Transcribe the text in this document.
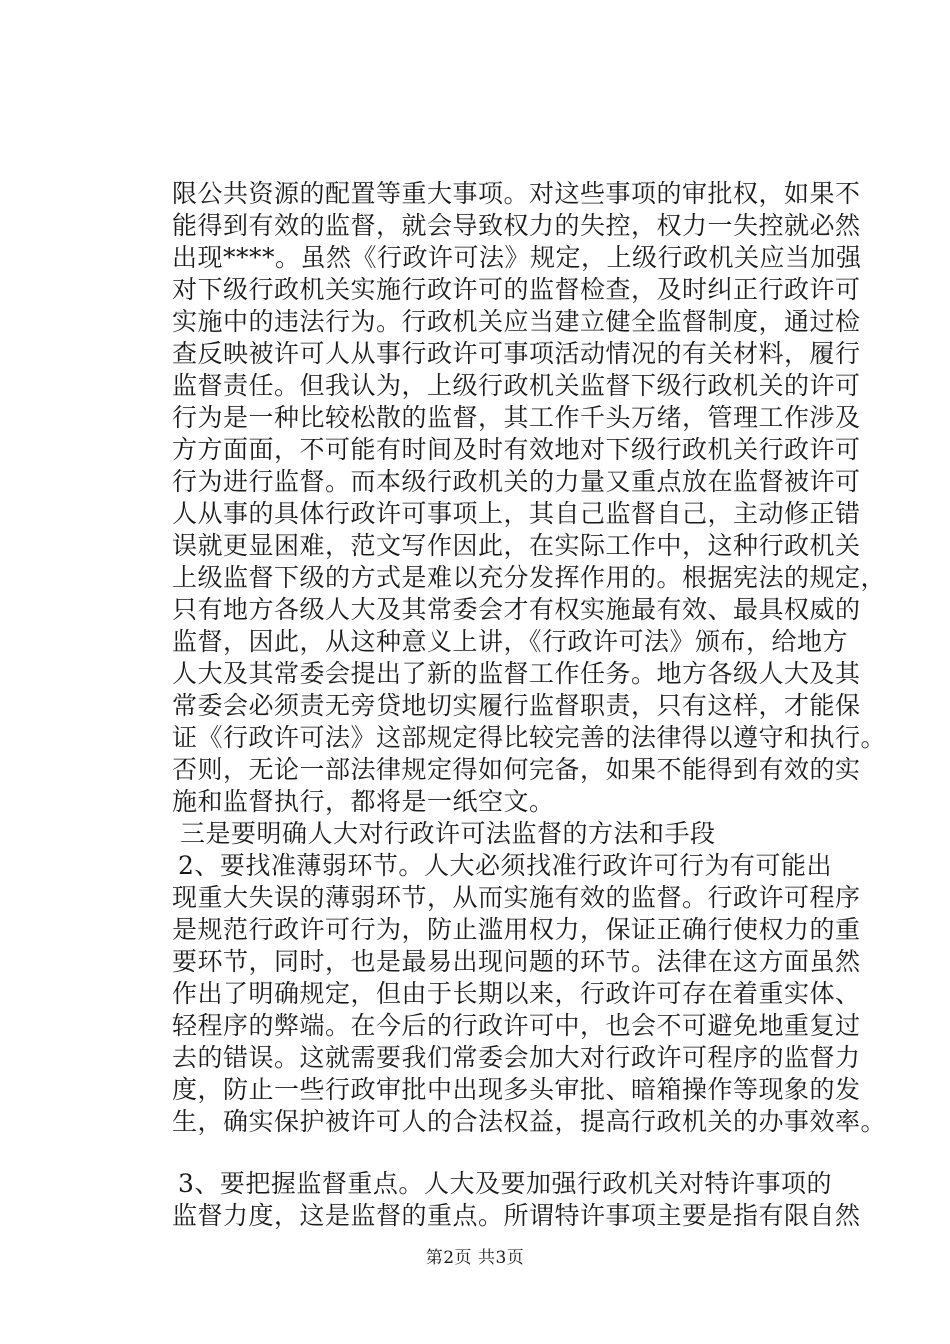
限公共资源的配置等重大事项。对这些事项的审批权，如果不
能得到有效的监督，就会导致权力的失控，权力一失控就必然
出现****。虽然《行政许可法》规定，上级行政机关应当加强
对下级行政机关实施行政许可的监督检查，及时纠正行政许可
实施中的违法行为。行政机关应当建立健全监督制度，通过检
查反映被许可人从事行政许可事项活动情况的有关材料，履行
监督责任。但我认为，上级行政机关监督下级行政机关的许可
行为是一种比较松散的监督，其工作千头万绪，管理工作涉及
方方面面，不可能有时间及时有效地对下级行政机关行政许可
行为进行监督。而本级行政机关的力量又重点放在监督被许可
人从事的具体行政许可事项上，其自己监督自己，主动修正错
误就更显困难，范文写作因此，在实际工作中，这种行政机关
上级监督下级的方式是难以充分发挥作用的。根据宪法的规定，
只有地方各级人大及其常委会才有权实施最有效、最具权威的
监督，因此，从这种意义上讲，《行政许可法》颁布，给地方
人大及其常委会提出了新的监督工作任务。地方各级人大及其
常委会必须责无旁贷地切实履行监督职责，只有这样，才能保
证《行政许可法》这部规定得比较完善的法律得以遵守和执行。
否则，无论一部法律规定得如何完备，如果不能得到有效的实
施和监督执行，都将是一纸空文。
三是要明确人大对行政许可法监督的方法和手段
2、要找准薄弱环节。人大必须找准行政许可行为有可能出
现重大失误的薄弱环节，从而实施有效的监督。行政许可程序
是规范行政许可行为，防止滥用权力，保证正确行使权力的重
要环节，同时，也是最易出现问题的环节。法律在这方面虽然
作出了明确规定，但由于长期以来，行政许可存在着重实体、
轻程序的弊端。在今后的行政许可中，也会不可避免地重复过
去的错误。这就需要我们常委会加大对行政许可程序的监督力
度，防止一些行政审批中出现多头审批、暗箱操作等现象的发
生，确实保护被许可人的合法权益，提高行政机关的办事效率。
3、要把握监督重点。人大及要加强行政机关对特许事项的
监督力度，这是监督的重点。所谓特许事项主要是指有限自然
第2页 共3页
